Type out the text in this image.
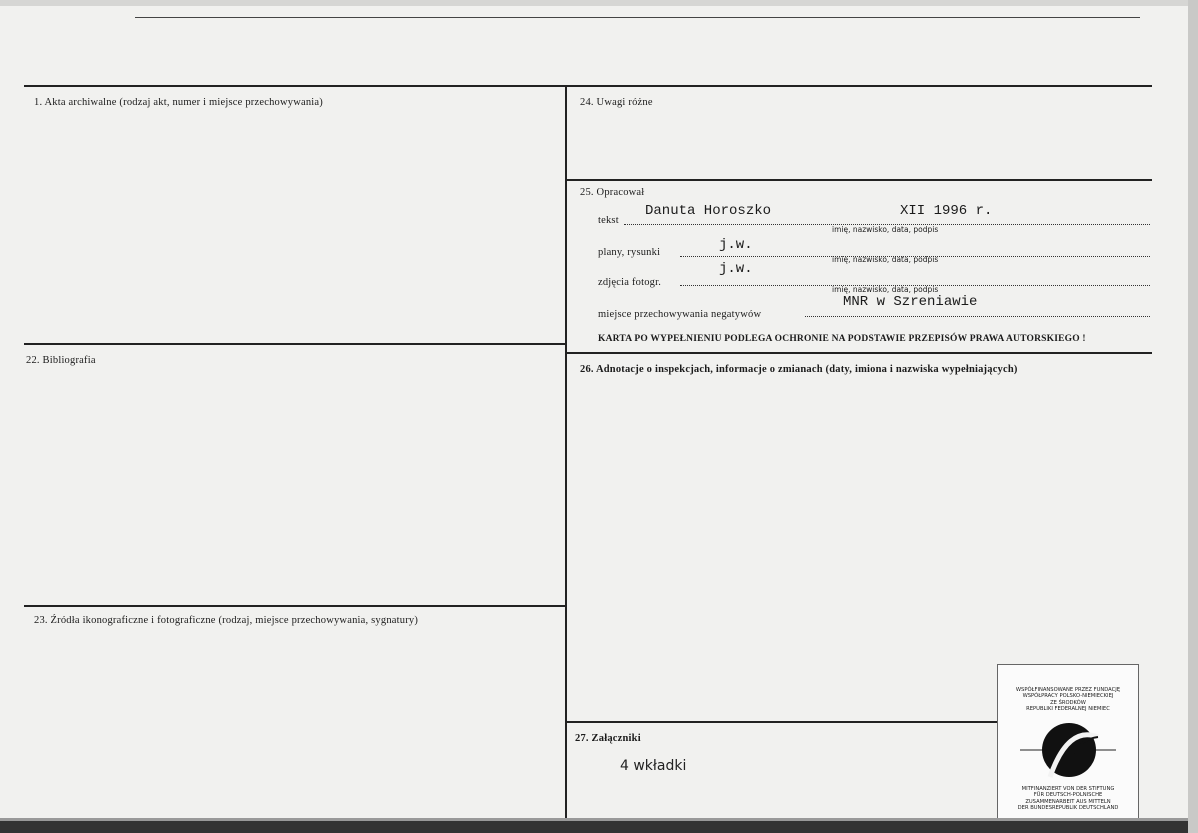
1. Akta archiwalne (rodzaj akt, numer i miejsce przechowywania)
22. Bibliografia
23. Źródła ikonograficzne i fotograficzne (rodzaj, miejsce przechowywania, sygnatury)
24. Uwagi różne
25. Opracował
26. Adnotacje o inspekcjach, informacje o zmianach (daty, imiona i nazwiska wypełniających)
27. Załączniki
Danuta Horoszko	XII 1996 r.
tekst
imię, nazwisko, data, podpis
j.w.
plany, rysunki
imię, nazwisko, data, podpis
j.w.
zdjęcia fotogr.
imię, nazwisko, data, podpis
MNR w Szreniawie
miejsce przechowywania negatywów
KARTA PO WYPEŁNIENIU PODLEGA OCHRONIE NA PODSTAWIE PRZEPISÓW PRAWA AUTORSKIEGO !
4 wkładki
WSPÓŁFINANSOWANE PRZEZ FUNDACJĘ
WSPÓŁPRACY POLSKO-NIEMIECKIEJ
ZE ŚRODKÓW
REPUBLIKI FEDERALNEJ NIEMIEC
MITFINANZIERT VON DER STIFTUNG
FÜR DEUTSCH-POLNISCHE
ZUSAMMENARBEIT AUS MITTELN
DER BUNDESREPUBLIK DEUTSCHLAND
